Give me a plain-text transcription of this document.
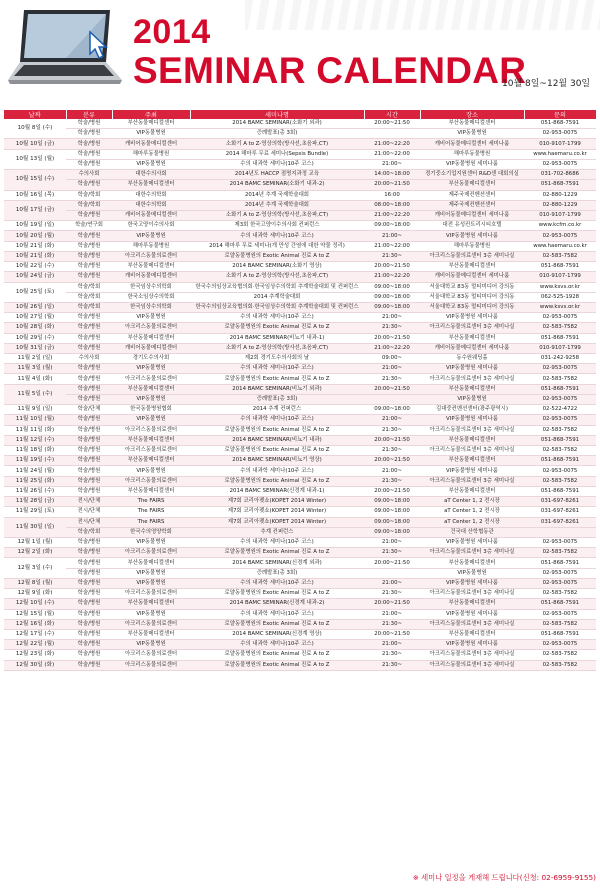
2014
SEMINAR CALENDAR
10월 8일~12월 30일
날짜	분류	주최	세미나명	시간	장소	문의
10월 8일 (수)	학술/병원	부산동물메디컬센터	2014 BAMC SEMINAR(소화기 외과)	20:00~21:50	부산동물메디컬센터	051-868-7591
	학술/병원	VIP동물병원	증례발표(총 3회)		VIP동물병원	02-953-0075
10월 10일 (금)	학술/병원	캐비어동물메디컬센터	소화기 A to Z-영상의학(방사선,초음파,CT)	21:00~22:20	캐비어동물메디컬센터 세미나룸	010-9107-1799
10월 13일 (월)	학술/병원	해마루동물병원	2014 해마루 무료 세미나(Sepsis Bundle)	21:00~22:00	해마루동물병원	www.haemaru.co.kr
	학술/병원	VIP동물병원	수의 내과학 세미나(10주 코스)	21:00~	VIP동물병원 세미나룸	02-953-0075
10월 15일 (수)	수의사회	대한수의사회	2014년도 HACCP 점명지과정 교육	14:00~18:00	경기중소기업지원센터 R&D센 대회의실	031-702-8686
	학술/병원	부산동물메디컬센터	2014 BAMC SEMINAR(소화기 내과-2)	20:00~21:50	부산동물메디컬센터	051-868-7591
10월 16일 (목)	학술/학회	대한수의학회	2014년 추계 국제학술대회	16:00	제주국제컨벤션센터	02-880-1229
10월 17일 (금)	학술/학회	대한수의학회	2014년 추계 국제학술대회	08:00~18:00	제주국제컨벤션센터	02-880-1229
	학술/병원	캐비어동물메디컬센터	소화기 A to Z-영상의학(방사선,초음파,CT)	21:00~22:20	캐비어동물메디컬센터 세미나룸	010-9107-1799
10월 19일 (일)	학술/연구회	한국고양이수의사회	제3회 한국고양이수의사회 컨퍼런스	09:00~18:00	대전 유성컨트리시티호텔	www.kcfm.co.kr
10월 20일 (월)	학술/병원	VIP동물병원	수의 내과학 세미나(10주 코스)	21:00~	VIP동물병원 세미나룸	02-953-0075
10월 21일 (화)	학술/병원	해마루동물병원	2014 해마루 무료 세미나(개 만성 간염에 대한 약물 정리)	21:00~22:00	해마루동물병원	www.haemaru.co.kr
10월 21일 (화)	학술/병원	아크리스동물의료센터	로얄동물병원의 Exotic Animal 진료 A to Z	21:30~	아크리스동물의료센터 3층 세미나실	02-583-7582
10월 22일 (수)	학술/병원	부산동물메디컬센터	2014 BAMC SEMINAR(소화기 영상)	20:00~21:50	부산동물메디컬센터	051-868-7591
10월 24일 (금)	학술/병원	캐비어동물메디컬센터	소화기 A to Z-영상의학(방사선,초음파,CT)	21:00~22:20	캐비어동물메디컬센터 세미나룸	010-9107-1799
10월 25일 (토)	학술/학회	한국임상수의학회	한국수의임상교육협의회·한국임상수의학회 추계학술대회 및 컨퍼런스	09:00~18:00	서울대학교 83동 멀티미디어 강의동	www.ksvs.or.kr
	학술/학회	한국소임상수의학회	2014 추계학술대회	09:00~18:00	서울대학교 83동 멀티미디어 강의동	062-525-1928
10월 26일 (일)	학술/학회	한국임상수의학회	한국수의임상교육협의회·한국임상수의학회 추계학술대회 및 컨퍼런스	09:00~18:00	서울대학교 83동 멀티미디어 강의동	www.ksvs.or.kr
10월 27일 (월)	학술/병원	VIP동물병원	수의 내과학 세미나(10주 코스)	21:00~	VIP동물병원 세미나룸	02-953-0075
10월 28일 (화)	학술/병원	아크리스동물의료센터	로얄동물병원의 Exotic Animal 진료 A to Z	21:30~	아크리스동물의료센터 3층 세미나실	02-583-7582
10월 29일 (수)	학술/병원	부산동물메디컬센터	2014 BAMC SEMINAR(비뇨기 내과-1)	20:00~21:50	부산동물메디컬센터	051-868-7591
10월 31일 (금)	학술/병원	캐비어동물메디컬센터	소화기 A to Z-영상의학(방사선,초음파,CT)	21:00~22:20	캐비어동물메디컬센터 세미나룸	010-9107-1799
11월 2일 (일)	수의사회	경기도수의사회	제2회 경기도수의사회의 날	09:00~	동수원웨딩홀	031-242-9258
11월 3일 (월)	학술/병원	VIP동물병원	수의 내과학 세미나(10주 코스)	21:00~	VIP동물병원 세미나룸	02-953-0075
11월 4일 (화)	학술/병원	아크리스동물의료센터	로얄동물병원의 Exotic Animal 진료 A to Z	21:30~	아크리스동물의료센터 3층 세미나실	02-583-7582
11월 5일 (수)	학술/병원	부산동물메디컬센터	2014 BAMC SEMINAR(비뇨기 외과)	20:00~21:50	부산동물메디컬센터	051-868-7591
	학술/병원	VIP동물병원	증례발표(총 3회)		VIP동물병원	02-953-0075
11월 9일 (일)	학술/단체	한국동물병원협회	2014 추계 컨퍼런스	09:00~18:00	김대중컨벤션센터(광주광역시)	02-522-4722
11월 10일 (월)	학술/병원	VIP동물병원	수의 내과학 세미나(10주 코스)	21:00~	VIP동물병원 세미나룸	02-953-0075
11월 11일 (화)	학술/병원	아크리스동물의료센터	로얄동물병원의 Exotic Animal 진료 A to Z	21:30~	아크리스동물의료센터 3층 세미나실	02-583-7582
11월 12일 (수)	학술/병원	부산동물메디컬센터	2014 BAMC SEMINAR(비뇨기 내과)	20:00~21:50	부산동물메디컬센터	051-868-7591
11월 18일 (화)	학술/병원	아크리스동물의료센터	로얄동물병원의 Exotic Animal 진료 A to Z	21:30~	아크리스동물의료센터 3층 세미나실	02-583-7582
11월 19일 (수)	학술/병원	부산동물메디컬센터	2014 BAMC SEMINAR(비뇨기 영상)	20:00~21:50	부산동물메디컬센터	051-868-7591
11월 24일 (월)	학술/병원	VIP동물병원	수의 내과학 세미나(10주 코스)	21:00~	VIP동물병원 세미나룸	02-953-0075
11월 25일 (화)	학술/병원	아크리스동물의료센터	로얄동물병원의 Exotic Animal 진료 A to Z	21:30~	아크리스동물의료센터 3층 세미나실	02-583-7582
11월 26일 (수)	학술/병원	부산동물메디컬센터	2014 BAMC SEMINAR(신경계 내과-1)	20:00~21:50	부산동물메디컬센터	051-868-7591
11월 28일 (금)	전시/단체	The FAIRS	제7회 코리아펫쇼(KOPET 2014 Winter)	09:00~18:00	aT Center 1, 2 전시장	031-697-8261
11월 29일 (토)	전시/단체	The FAIRS	제7회 코리아펫쇼(KOPET 2014 Winter)	09:00~18:00	aT Center 1, 2 전시장	031-697-8261
11월 30일 (일)	전시/단체	The FAIRS	제7회 코리아펫쇼(KOPET 2014 Winter)	09:00~18:00	aT Center 1, 2 전시장	031-697-8261
	학술/학회	한국수의영양학회	추계 컨퍼런스	09:00~18:00	건국대 산학협동관	
12월 1일 (월)	학술/병원	VIP동물병원	수의 내과학 세미나(10주 코스)	21:00~	VIP동물병원 세미나룸	02-953-0075
12월 2일 (화)	학술/병원	아크리스동물의료센터	로얄동물병원의 Exotic Animal 진료 A to Z	21:30~	아크리스동물의료센터 3층 세미나실	02-583-7582
12월 3일 (수)	학술/병원	부산동물메디컬센터	2014 BAMC SEMINAR(신경계 외과)	20:00~21:50	부산동물메디컬센터	051-868-7591
	학술/병원	VIP동물병원	증례발표(총 3회)		VIP동물병원	02-953-0075
12월 8일 (월)	학술/병원	VIP동물병원	수의 내과학 세미나(10주 코스)	21:00~	VIP동물병원 세미나룸	02-953-0075
12월 9일 (화)	학술/병원	아크리스동물의료센터	로얄동물병원의 Exotic Animal 진료 A to Z	21:30~	아크리스동물의료센터 3층 세미나실	02-583-7582
12월 10일 (수)	학술/병원	부산동물메디컬센터	2014 BAMC SEMINAR(신경계 내과-2)	20:00~21:50	부산동물메디컬센터	051-868-7591
12월 15일 (월)	학술/병원	VIP동물병원	수의 내과학 세미나(10주 코스)	21:00~	VIP동물병원 세미나룸	02-953-0075
12월 16일 (화)	학술/병원	아크리스동물의료센터	로얄동물병원의 Exotic Animal 진료 A to Z	21:30~	아크리스동물의료센터 3층 세미나실	02-583-7582
12월 17일 (수)	학술/병원	부산동물메디컬센터	2014 BAMC SEMINAR(신경계 영상)	20:00~21:50	부산동물메디컬센터	051-868-7591
12월 22일 (월)	학술/병원	VIP동물병원	수의 내과학 세미나(10주 코스)	21:00~	VIP동물병원 세미나룸	02-953-0075
12월 23일 (화)	학술/병원	아크리스동물의료센터	로얄동물병원의 Exotic Animal 진료 A to Z	21:30~	아크리스동물의료센터 3층 세미나실	02-583-7582
12월 30일 (화)	학술/병원	아크리스동물의료센터	로얄동물병원의 Exotic Animal 진료 A to Z	21:30~	아크리스동물의료센터 3층 세미나실	02-583-7582
※ 세미나 일정을 게재해 드립니다(신청: 02-6959-9155)
